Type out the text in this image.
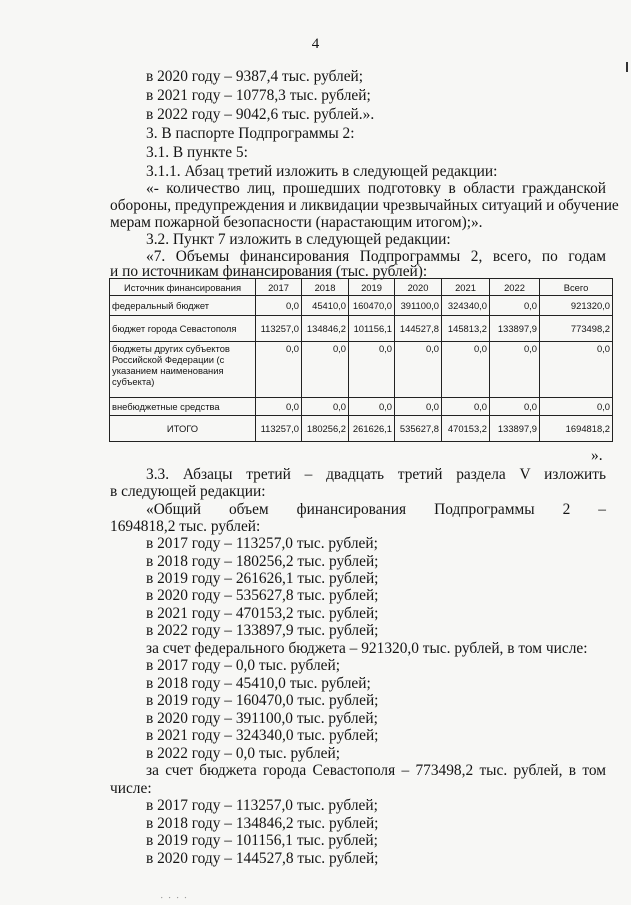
4
в 2020 году – 9387,4 тыс. рублей;
в 2021 году – 10778,3 тыс. рублей;
в 2022 году – 9042,6 тыс. рублей.».
3. В паспорте Подпрограммы 2:
3.1. В пункте 5:
3.1.1. Абзац третий изложить в следующей редакции:
«- количество лиц, прошедших подготовку в области гражданской
обороны, предупреждения и ликвидации чрезвычайных ситуаций и обучение
мерам пожарной безопасности (нарастающим итогом);».
3.2. Пункт 7 изложить в следующей редакции:
«7. Объемы финансирования Подпрограммы 2, всего, по годам
и по источникам финансирования (тыс. рублей):
Источник финансирования	2017	2018	2019	2020	2021	2022	Всего
федеральный бюджет	0,0	45410,0	160470,0	391100,0	324340,0	0,0	921320,0
бюджет города Севастополя	113257,0	134846,2	101156,1	144527,8	145813,2	133897,9	773498,2
бюджеты других субъектов Российской Федерации (с указанием наименования субъекта)	0,0	0,0	0,0	0,0	0,0	0,0	0,0
внебюджетные средства	0,0	0,0	0,0	0,0	0,0	0,0	0,0
ИТОГО	113257,0	180256,2	261626,1	535627,8	470153,2	133897,9	1694818,2
».
3.3. Абзацы третий – двадцать третий раздела V изложить
в следующей редакции:
«Общий объем финансирования Подпрограммы 2 –
1694818,2 тыс. рублей:
в 2017 году – 113257,0 тыс. рублей;
в 2018 году – 180256,2 тыс. рублей;
в 2019 году – 261626,1 тыс. рублей;
в 2020 году – 535627,8 тыс. рублей;
в 2021 году – 470153,2 тыс. рублей;
в 2022 году – 133897,9 тыс. рублей;
за счет федерального бюджета – 921320,0 тыс. рублей, в том числе:
в 2017 году – 0,0 тыс. рублей;
в 2018 году – 45410,0 тыс. рублей;
в 2019 году – 160470,0 тыс. рублей;
в 2020 году – 391100,0 тыс. рублей;
в 2021 году – 324340,0 тыс. рублей;
в 2022 году – 0,0 тыс. рублей;
за счет бюджета города Севастополя – 773498,2 тыс. рублей, в том
числе:
в 2017 году – 113257,0 тыс. рублей;
в 2018 году – 134846,2 тыс. рублей;
в 2019 году – 101156,1 тыс. рублей;
в 2020 году – 144527,8 тыс. рублей;
⋅ ⋅ ⋅ ⋅
